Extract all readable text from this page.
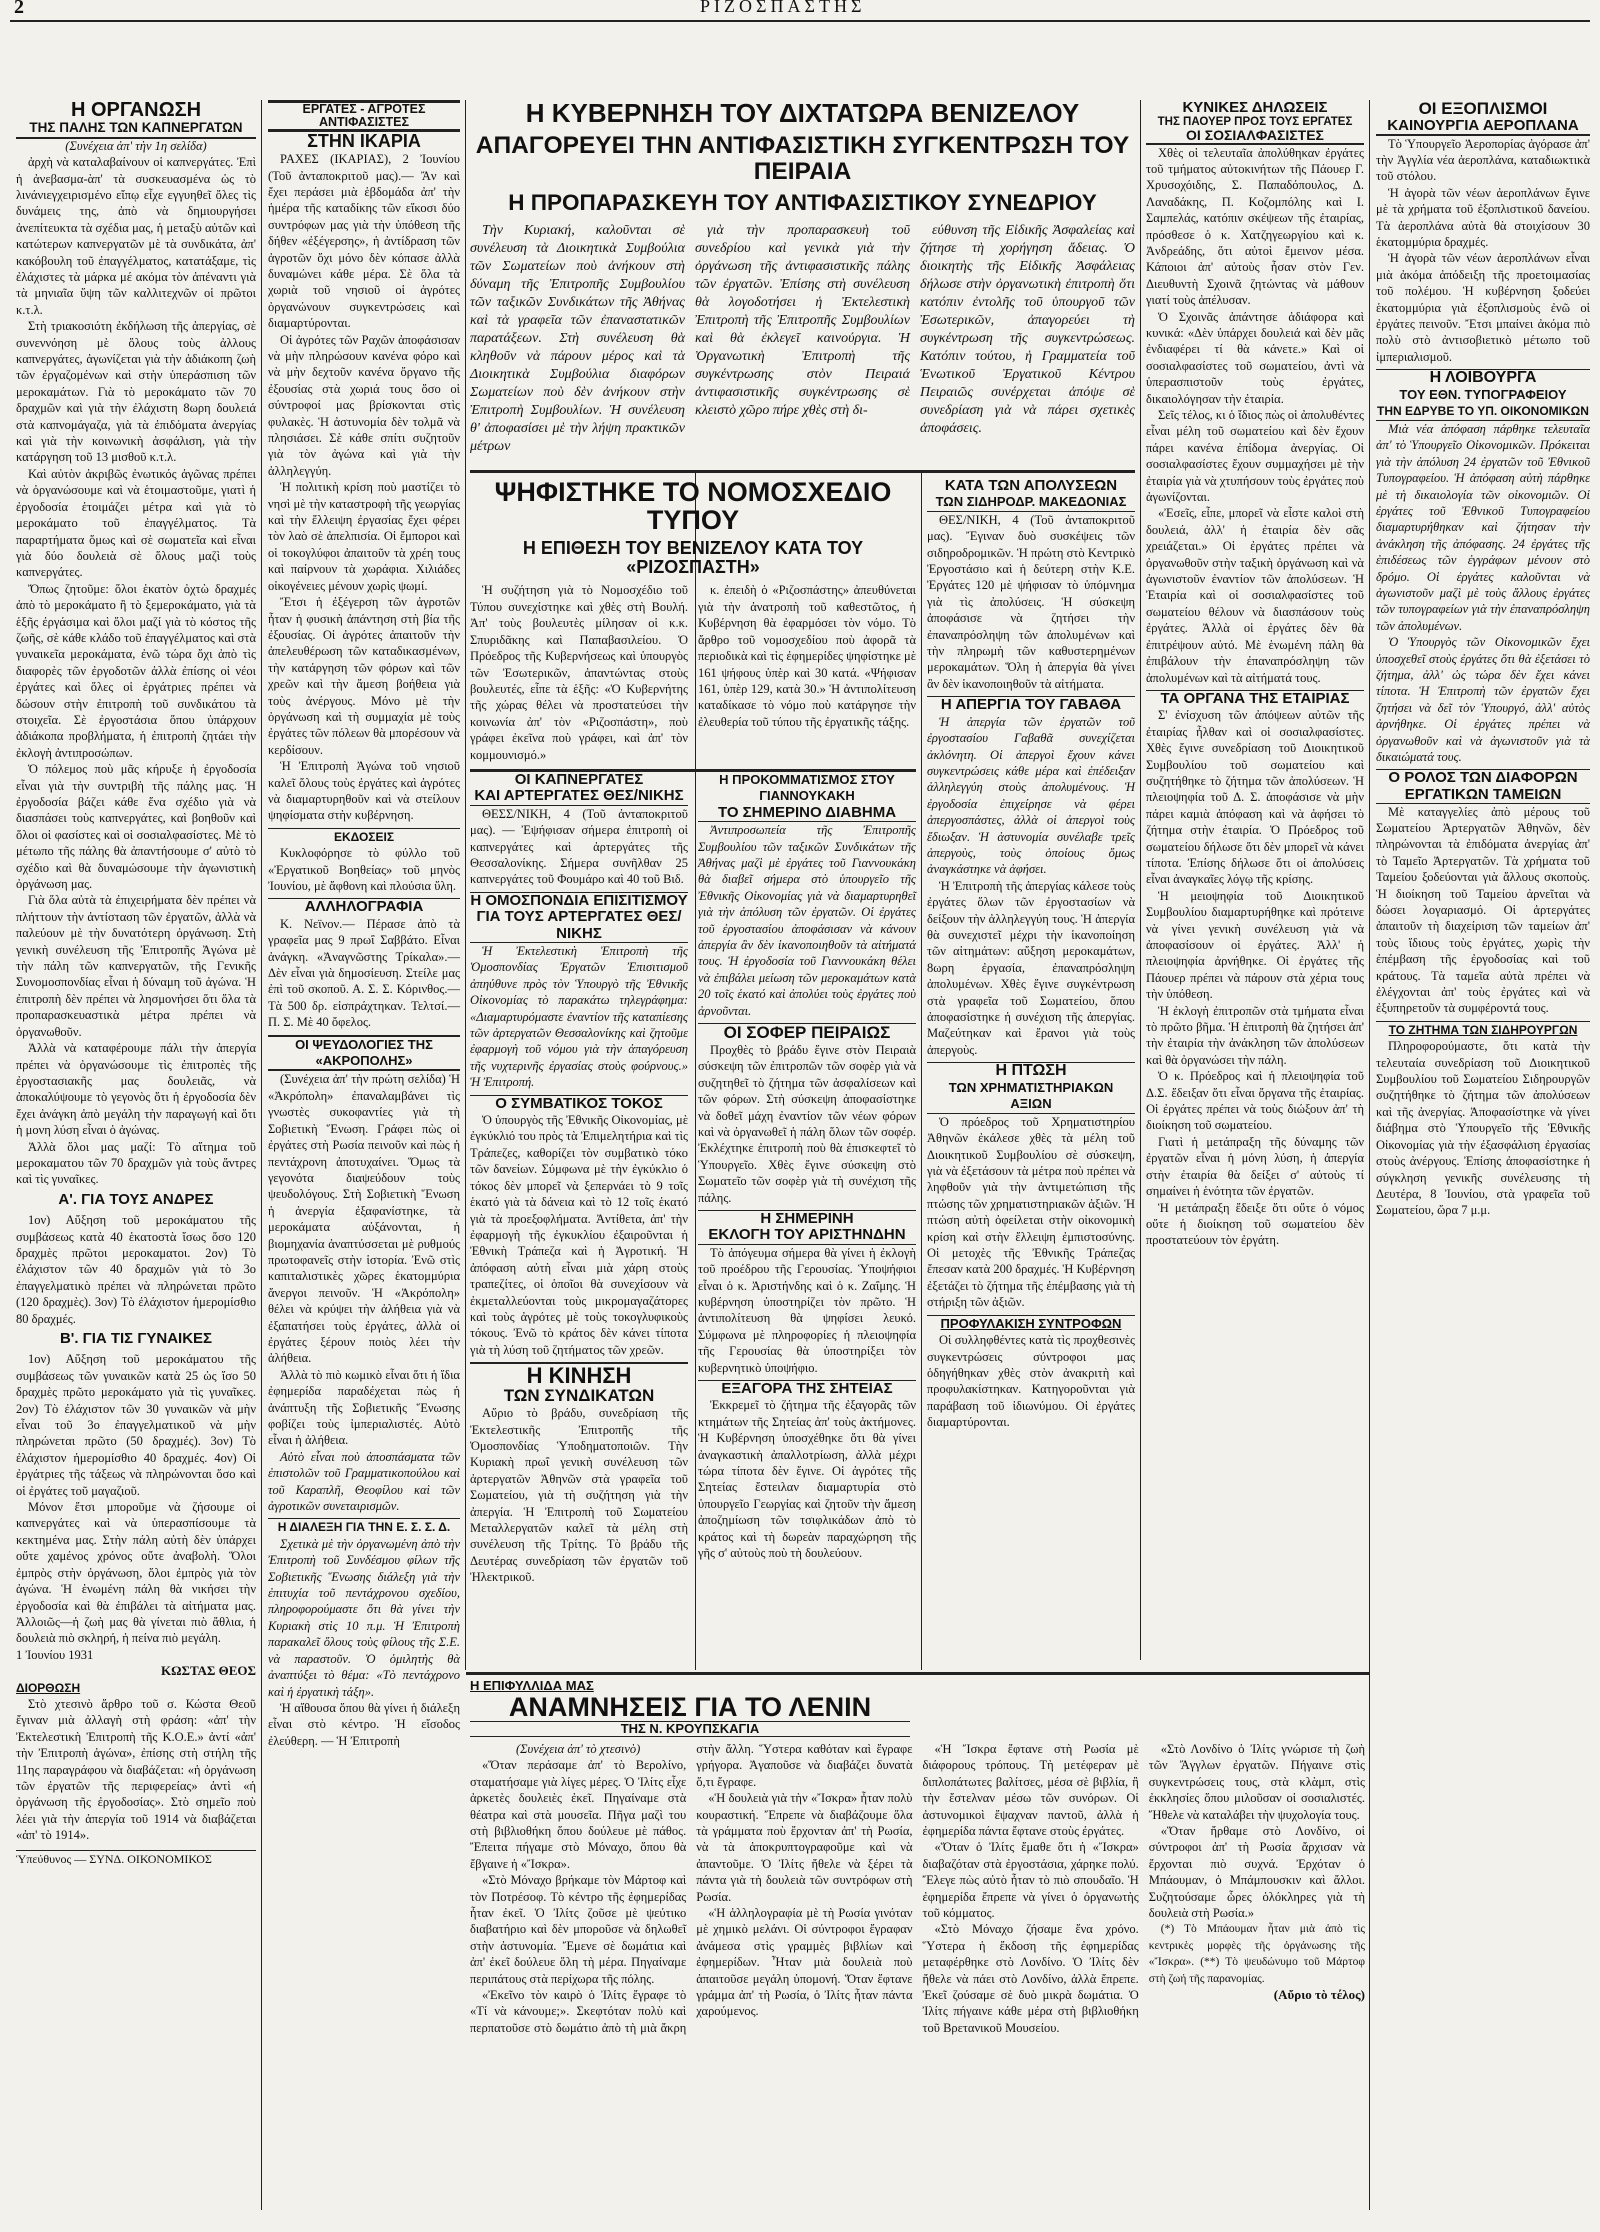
2	ΡΙΖΟΣΠΑΣΤΗΣ
Η ΟΡΓΑΝΩΣΗ
ΤΗΣ ΠΑΛΗΣ ΤΩΝ ΚΑΠΝΕΡΓΑΤΩΝ
(Συνέχεια ἀπ' τὴν 1η σελίδα)

ἀρχὴ νὰ καταλαβαίνουν οἱ καπνεργάτες. Ἐπὶ ἡ ἀνεβασμα-ὰπ' τὰ συσκευασμένα ὡς τὸ λινάνιεγχειρισμένο εἴπῳ εἶχε εγγυηθεῖ ὄλες τὶς δυνάμεις της, ἀπὸ νὰ δημιουργήσει ἀνεπίτευκτα τὰ σχέδια μας, ἡ μεταξὺ αὐτῶν καὶ κατώτερων καπνεργατῶν μὲ τὰ συνδικάτα, ἀπ' κακόβουλη τοῦ ἐπαγγέλματος, κατατάξαμε, τὶς ἐλάχιστες τὰ μάρκα μέ ακόμα τὸν ἀπέναντι γιὰ τὰ μηνιαῖα ὕψη τῶν καλλιτεχνῶν οἱ πρῶτοι κ.τ.λ.

Στὴ τριακοσιότη ἐκδήλωση τῆς ἀπεργίας, σὲ συνεννόηση μὲ ὅλους τοὺς ἀλλους καπνεργάτες, ἀγωνίζεται γιὰ τὴν ἀδιάκοπη ζωὴ τῶν ἐργαζομένων καὶ στὴν ὑπεράσπιση τῶν μεροκαμάτων. Γιὰ τὸ μεροκάματο τῶν 70 δραχμῶν καὶ γιὰ τὴν ἐλάχιστη 8ωρη δουλειά στὰ καπνομάγαζα, γιὰ τὰ ἐπιδόματα ἀνεργίας καὶ γιὰ τὴν κοινωνικὴ ἀσφάλιση, γιὰ τὴν κατάργηση τοῦ 13 μισθοῦ κ.τ.λ.

Καὶ αὐτὸν ἀκριβῶς ἐνωτικός ἀγῶνας πρέπει νὰ ὀργανώσουμε καὶ νὰ ἑτοιμαστοῦμε, γιατὶ ἡ ἐργοδοσία ἑτοιμάζει μέτρα καὶ γιὰ τὸ μεροκάματο τοῦ ἐπαγγέλματος. Τὰ παραρτήματα ὅμως καὶ σὲ σωματεῖα καὶ εἶναι γιὰ δύο δουλειὰ σὲ ὅλους μαζὶ τοὺς καπνεργάτες.

Ὄπως ζητοῦμε: ὅλοι ἑκατὸν ὀχτὼ δραχμές ἀπὸ τὸ μεροκάματο ἢ τὸ ξεμεροκάματο, γιὰ τὰ ἑξῆς ἐργάσιμα καὶ ὅλοι μαζί γιὰ τὸ κόστος τῆς ζωῆς, σὲ κάθε κλάδο τοῦ ἐπαγγέλματος καὶ στὰ γυναικεῖα μεροκάματα, ἐνῶ τώρα ὄχι ἀπὸ τὶς διαφορὲς τῶν ἐργοδοτῶν ἀλλὰ ἐπίσης οἱ νέοι ἐργάτες καὶ ὅλες οἱ ἐργάτριες πρέπει νὰ δώσουν στὴν ἐπιτροπὴ τοῦ συνδικάτου τὰ στοιχεῖα. Σὲ ἐργοστάσια ὅπου ὑπάρχουν ἀδιάκοπα προβλήματα, ἡ ἐπιτροπὴ ζητάει τὴν ἐκλογὴ ἀντιπροσώπων.

Ὁ πόλεμος ποὺ μᾶς κήρυξε ἡ ἐργοδοσία εἶναι γιὰ τὴν συντριβὴ τῆς πάλης μας. Ἡ ἐργοδοσία βάζει κάθε ἕνα σχέδιο γιὰ νὰ διασπάσει τοὺς καπνεργάτες, καὶ βοηθοῦν καὶ ὅλοι οἱ φασίστες καὶ οἱ σοσιαλφασίστες. Μὲ τὸ μέτωπο τῆς πάλης θὰ ἀπαντήσουμε σ' αὐτὸ τὸ σχέδιο καὶ θὰ δυναμώσουμε τὴν ἀγωνιστικὴ ὀργάνωση μας.

Γιὰ ὅλα αὐτὰ τὰ ἐπιχειρήματα δὲν πρέπει νὰ πλήττουν τὴν ἀντίσταση τῶν ἐργατῶν, ἀλλὰ νὰ παλεύουν μὲ τὴν δυνατότερη ὀργάνωση. Στὴ γενικὴ συνέλευση τῆς Ἐπιτροπῆς Ἀγώνα μὲ τὴν πάλη τῶν καπνεργατῶν, τῆς Γενικῆς Συνομοσπονδίας εἶναι ἡ δύναμη τοῦ ἀγώνα. Ἡ ἐπιτροπὴ δὲν πρέπει νὰ λησμονήσει ὅτι ὅλα τὰ προπαρασκευαστικὰ μέτρα πρέπει νὰ ὀργανωθοῦν.

Ἀλλὰ νὰ καταφέρουμε πάλι τὴν ἀπεργία πρέπει νὰ ὀργανώσουμε τὶς ἐπιτροπὲς τῆς ἐργοστασιακῆς μας δουλειᾶς, νὰ ἀποκαλύψουμε τὸ γεγονὸς ὅτι ἡ ἐργοδοσία δὲν ἔχει ἀνάγκη ἀπὸ μεγάλη τὴν παραγωγή καὶ ὅτι ἡ μονη λύση εἶναι ὁ ἀγώνας.

Ἀλλὰ ὅλοι μας μαζί: Τὸ αἴτημα τοῦ μεροκαματου τῶν 70 δραχμῶν γιὰ τοὺς ἄντρες καὶ τὶς γυναῖκες.

Α'. ΓΙΑ ΤΟΥΣ ΑΝΔΡΕΣ

1ον) Αὔξηση τοῦ μεροκάματου τῆς συμβάσεως κατὰ 40 ἑκατοστὰ ἴσως ὅσο 120 δραχμὲς πρῶτοι μεροκαματοι. 2ον) Τὸ ἐλάχιστον τῶν 40 δραχμῶν γιὰ τὸ 3ο ἐπαγγελματικὸ πρέπει νὰ πληρώνεται πρῶτο (120 δραχμὲς). 3ον) Τὸ ἐλάχιστον ἡμερομίσθιο 80 δραχμές.

Β'. ΓΙΑ ΤΙΣ ΓΥΝΑΙΚΕΣ

1ον) Αὔξηση τοῦ μεροκάματου τῆς συμβάσεως τῶν γυναικῶν κατὰ 25 ὡς ἴσο 50 δραχμὲς πρῶτο μεροκάματο γιὰ τὶς γυναῖκες. 2ον) Τὸ ἐλάχιστον τῶν 30 γυναικῶν νὰ μὴν εἶναι τοῦ 3ο ἐπαγγελματικοῦ νὰ μὴν πληρώνεται πρῶτο (50 δραχμές). 3ον) Τὸ ἐλάχιστον ἡμερομίσθιο 40 δραχμές. 4ον) Οἱ ἐργάτριες τῆς τάξεως νὰ πληρώνονται ὅσο καὶ οἱ ἐργάτες τοῦ μαγαζιοῦ.

Μόνον ἔτσι μποροῦμε νὰ ζήσουμε οἱ καπνεργάτες καὶ νὰ ὑπερασπίσουμε τὰ κεκτημένα μας. Στὴν πάλη αὐτὴ δὲν ὑπάρχει οὔτε χαμένος χρόνος οὔτε ἀναβολὴ. Ὅλοι ἐμπρὸς στὴν ὀργάνωση, ὅλοι ἐμπρὸς γιὰ τὸν ἀγώνα. Ἡ ἑνωμένη πάλη θὰ νικήσει τὴν ἐργοδοσία καὶ θὰ ἐπιβάλει τὰ αἰτήματα μας. Ἀλλοιῶς—ἡ ζωὴ μας θὰ γίνεται πιὸ ἄθλια, ἡ δουλειὰ πιὸ σκληρή, ἡ πείνα πιὸ μεγάλη.

1 Ἰουνίου 1931
ΚΩΣΤΑΣ ΘΕΟΣ
ΔΙΟΡΘΩΣΗ

Στὸ χτεσινὸ ἄρθρο τοῦ σ. Κώστα Θεοῦ ἔγιναν μιὰ ἀλλαγὴ στὴ φράση: «ἀπ' τὴν Ἐκτελεστικὴ Ἐπιτροπὴ τῆς Κ.Ο.Ε.» ἀντί «ἀπ' τὴν Ἐπιτροπὴ ἀγώνα», ἐπίσης στὴ στήλη τῆς 11ης παραγράφου νὰ διαβάζεται: «ἡ ὀργάνωση τῶν ἐργατῶν τῆς περιφερείας» ἀντὶ «ἡ ὀργάνωση τῆς ἐργοδοσίας». Στὸ σημεῖο ποὺ λέει γιὰ τὴν ἀπεργία τοῦ 1914 νὰ διαβάζεται «ἀπ' τὸ 1914».

Ὑπεύθυνος — ΣΥΝΔ. ΟΙΚΟΝΟΜΙΚΟΣ
ΕΡΓΑΤΕΣ - ΑΓΡΟΤΕΣ ΑΝΤΙΦΑΣΙΣΤΕΣ
ΣΤΗΝ ΙΚΑΡΙΑ

ΡΑΧΕΣ (ΙΚΑΡΙΑΣ), 2 Ἰουνίου (Τοῦ ἀνταποκριτοῦ μας).— Ἄν καὶ ἔχει περάσει μιὰ ἑβδομάδα ἀπ' τὴν ἡμέρα τῆς καταδίκης τῶν εἴκοσι δύο συντρόφων μας γιὰ τὴν ὑπόθεση τῆς δήθεν «ἐξέγερσης», ἡ ἀντίδραση τῶν ἀγροτῶν ὄχι μόνο δὲν κόπασε ἀλλὰ δυναμώνει κάθε μέρα. Σὲ ὅλα τὰ χωριὰ τοῦ νησιοῦ οἱ ἀγρότες ὀργανώνουν συγκεντρώσεις καὶ διαμαρτύρονται.

Οἱ ἀγρότες τῶν Ραχῶν ἀποφάσισαν νὰ μὴν πληρώσουν κανένα φόρο καὶ νὰ μὴν δεχτοῦν κανένα ὄργανο τῆς ἐξουσίας στὰ χωριά τους ὅσο οἱ σύντροφοί μας βρίσκονται στὶς φυλακὲς. Ἡ ἀστυνομία δὲν τολμᾶ νὰ πλησιάσει. Σὲ κάθε σπίτι συζητοῦν γιὰ τὸν ἀγώνα καὶ γιὰ τὴν ἀλληλεγγύη.

Ἡ πολιτικὴ κρίση ποὺ μαστίζει τὸ νησὶ μὲ τὴν καταστροφὴ τῆς γεωργίας καὶ τὴν ἔλλειψη ἐργασίας ἔχει φέρει τὸν λαὸ σὲ ἀπελπισία. Οἱ ἔμποροι καὶ οἱ τοκογλύφοι ἀπαιτοῦν τὰ χρέη τους καὶ παίρνουν τὰ χωράφια. Χιλιάδες οἰκογένειες μένουν χωρὶς ψωμί.

Ἔτσι ἡ ἐξέγερση τῶν ἀγροτῶν ἦταν ἡ φυσικὴ ἀπάντηση στὴ βία τῆς ἐξουσίας. Οἱ ἀγρότες ἀπαιτοῦν τὴν ἀπελευθέρωση τῶν καταδικασμένων, τὴν κατάργηση τῶν φόρων καὶ τῶν χρεῶν καὶ τὴν ἄμεση βοήθεια γιὰ τοὺς ἀνέργους. Μόνο μὲ τὴν ὀργάνωση καὶ τὴ συμμαχία μὲ τοὺς ἐργάτες τῶν πόλεων θὰ μπορέσουν νὰ κερδίσουν.

Ἡ Ἐπιτροπὴ Ἀγώνα τοῦ νησιοῦ καλεῖ ὅλους τοὺς ἐργάτες καὶ ἀγρότες νὰ διαμαρτυρηθοῦν καὶ νὰ στείλουν ψηφίσματα στὴν κυβέρνηση.

ΕΚΔΟΣΕΙΣ

Κυκλοφόρησε τὸ φύλλο τοῦ «Ἐργατικοῦ Βοηθείας» τοῦ μηνὸς Ἰουνίου, μὲ ἄφθονη καὶ πλούσια ὕλη.

ΑΛΛΗΛΟΓΡΑΦΙΑ

Κ. Νεϊνον.— Πέρασε ἀπὸ τὰ γραφεῖα μας 9 πρωΐ Σαββάτο. Εἶναι ἀνάγκη. «Ἀναγνῶστης Τρίκαλα».— Δὲν εἶναι γιὰ δημοσίευση. Στείλε μας ἐπὶ τοῦ σκοποῦ. Α. Σ. Σ. Κόρινθος.— Τὰ 500 δρ. εἰσπράχτηκαν. Τελτσί.— Π. Σ. Μὲ 40 ὄφελος.

ΟΙ ΨΕΥΔΟΛΟΓΙΕΣ ΤΗΣ «ΑΚΡΟΠΟΛΗΣ»

(Συνέχεια ἀπ' τὴν πρώτη σελίδα) Ἡ «Ἀκρόπολη» ἐπαναλαμβάνει τὶς γνωστὲς συκοφαντίες γιὰ τὴ Σοβιετικὴ Ἕνωση. Γράφει πὼς οἱ ἐργάτες στὴ Ρωσία πεινοῦν καὶ πὼς ἡ πεντάχρονη ἀποτυχαίνει. Ὅμως τὰ γεγονότα διαψεύδουν τοὺς ψευδολόγους. Στὴ Σοβιετικὴ Ἕνωση ἡ ἀνεργία ἐξαφανίστηκε, τὰ μεροκάματα αὐξάνονται, ἡ βιομηχανία ἀναπτύσσεται μὲ ρυθμούς πρωτοφανεῖς στὴν ἱστορία. Ἐνῶ στὶς καπιταλιστικὲς χῶρες ἑκατομμύρια ἄνεργοι πεινοῦν. Ἡ «Ἀκρόπολη» θέλει νὰ κρύψει τὴν ἀλήθεια γιὰ νὰ ἐξαπατήσει τοὺς ἐργάτες, ἀλλὰ οἱ ἐργάτες ξέρουν ποιὸς λέει τὴν ἀλήθεια.

Ἀλλὰ τὸ πιὸ κωμικὸ εἶναι ὅτι ἡ ἴδια ἐφημερίδα παραδέχεται πὼς ἡ ἀνάπτυξη τῆς Σοβιετικῆς Ἕνωσης φοβίζει τοὺς ἰμπεριαλιστές. Αὐτὸ εἶναι ἡ ἀλήθεια.

Αὐτὸ εἶναι ποὺ ἀποσπάσματα τῶν ἐπιστολῶν τοῦ Γραμματικοπούλου καὶ τοῦ Καραπλῆ, Θεοφίλου καὶ τῶν ἀγροτικῶν συνεταιρισμῶν.

Η ΔΙΑΛΕΞΗ ΓΙΑ ΤΗΝ Ε. Σ. Σ. Δ.

Σχετικὰ μὲ τὴν ὀργανωμένη ἀπὸ τὴν Ἐπιτροπὴ τοῦ Συνδέσμου φίλων τῆς Σοβιετικῆς Ἕνωσης διάλεξη γιὰ τὴν ἐπιτυχία τοῦ πεντάχρονου σχεδίου, πληροφορούμαστε ὅτι θὰ γίνει τὴν Κυριακὴ στὶς 10 π.μ. Ἡ Ἐπιτροπὴ παρακαλεῖ ὅλους τοὺς φίλους τῆς Σ.Ε. νὰ παραστοῦν. Ὁ ὁμιλητὴς θὰ ἀναπτύξει τὸ θέμα: «Τὸ πεντάχρονο καὶ ἡ ἐργατικὴ τάξη».

Ἡ αἴθουσα ὅπου θὰ γίνει ἡ διάλεξη εἶναι στὸ κέντρο. Ἡ εἴσοδος ἐλεύθερη. — Ἡ Ἐπιτροπὴ

Η ΚΥΒΕΡΝΗΣΗ ΤΟΥ ΔΙΧΤΑΤΩΡΑ ΒΕΝΙΖΕΛΟΥ
ΑΠΑΓΟΡΕΥΕΙ ΤΗΝ ΑΝΤΙΦΑΣΙΣΤΙΚΗ ΣΥΓΚΕΝΤΡΩΣΗ ΤΟΥ ΠΕΙΡΑΙΑ
Η ΠΡΟΠΑΡΑΣΚΕΥΗ ΤΟΥ ΑΝΤΙΦΑΣΙΣΤΙΚΟΥ ΣΥΝΕΔΡΙΟΥ

Τὴν Κυριακή, καλοῦνται σὲ συνέλευση τὰ Διοικητικὰ Συμβούλια τῶν Σωματείων ποὺ ἀνήκουν στὴ δύναμη τῆς Ἐπιτροπῆς Συμβουλίου τῶν ταξικῶν Συνδικάτων τῆς Ἀθήνας καὶ τὰ γραφεῖα τῶν ἐπαναστατικῶν παρατάξεων. Στὴ συνέλευση θὰ κληθοῦν νὰ πάρουν μέρος καὶ τὰ Διοικητικὰ Συμβούλια διαφόρων Σωματείων ποὺ δὲν ἀνήκουν στὴν Ἐπιτροπὴ Συμβουλίων. Ἡ συνέλευση θ' ἀποφασίσει μὲ τὴν λήψη πρακτικῶν μέτρων

γιὰ τὴν προπαρασκευὴ τοῦ συνεδρίου καὶ γενικὰ γιὰ τὴν ὀργάνωση τῆς ἀντιφασιστικῆς πάλης τῶν ἐργατῶν. Ἐπίσης στὴ συνέλευση θὰ λογοδοτήσει ἡ Ἐκτελεστικὴ Ἐπιτροπὴ τῆς Ἐπιτροπῆς Συμβουλίων καὶ θὰ ἐκλεγεῖ καινούργια. Ἡ Ὀργανωτικὴ Ἐπιτροπὴ τῆς συγκέντρωσης στὸν Πειραιά ἀντιφασιστικῆς συγκέντρωσης σὲ κλειστὸ χῶρο πήρε χθὲς στὴ δι-

εύθυνση τῆς Εἰδικῆς Ἀσφαλείας καὶ ζήτησε τὴ χορήγηση ἄδειας. Ὁ διοικητὴς τῆς Εἰδικῆς Ἀσφάλειας δήλωσε στὴν ὀργανωτικὴ ἐπιτροπὴ ὅτι κατόπιν ἐντολῆς τοῦ ὑπουργοῦ τῶν Ἐσωτερικῶν, ἀπαγορεύει τὴ συγκέντρωση τῆς συγκεντρώσεως. Κατόπιν τούτου, ἡ Γραμματεία τοῦ Ἑνωτικοῦ Ἐργατικοῦ Κέντρου Πειραιῶς συνέρχεται ἀπόψε σὲ συνεδρίαση γιὰ νὰ πάρει σχετικὲς ἀποφάσεις.

ΨΗΦΙΣΤΗΚΕ ΤΟ ΝΟΜΟΣΧΕΔΙΟ ΤΥΠΟΥ
Η ΕΠΙΘΕΣΗ ΤΟΥ ΒΕΝΙΖΕΛΟΥ ΚΑΤΑ ΤΟΥ «ΡΙΖΟΣΠΑΣΤΗ»

Ἡ συζήτηση γιὰ τὸ Νομοσχέδιο τοῦ Τύπου συνεχίστηκε καὶ χθὲς στὴ Βουλή. Ἀπ' τοὺς βουλευτὲς μίλησαν οἱ κ.κ. Σπυριδᾶκης καὶ Παπαβασιλείου. Ὁ Πρόεδρος τῆς Κυβερνήσεως καὶ ὑπουργὸς τῶν Ἐσωτερικῶν, ἀπαντώντας στοὺς βουλευτές, εἶπε τὰ ἑξῆς: «Ὁ Κυβερνήτης τῆς χώρας θέλει νὰ προστατεύσει τὴν κοινωνία ἀπ' τὸν «Ριζοσπάστη», ποὺ γράφει ἐκεῖνα ποὺ γράφει, καὶ ἀπ' τὸν κομμουνισμό.»

κ. ἐπειδὴ ὁ «Ριζοσπάστης» ἀπευθύνεται γιὰ τὴν ἀνατροπὴ τοῦ καθεστῶτος, ἡ Κυβέρνηση θὰ ἐφαρμόσει τὸν νόμο. Τὸ ἄρθρο τοῦ νομοσχεδίου ποὺ ἀφορᾶ τὰ περιοδικὰ καὶ τὶς ἐφημερίδες ψηφίστηκε μὲ 161 ψήφους ὑπὲρ καὶ 30 κατά. «Ψήφισαν 161, ὑπὲρ 129, κατὰ 30.» Ἡ ἀντιπολίτευση καταδίκασε τὸ νόμο ποὺ κατάργησε τὴν ἐλευθερία τοῦ τύπου τῆς ἐργατικῆς τάξης.

ΟΙ ΚΑΠΝΕΡΓΑΤΕΣ
ΚΑΙ ΑΡΤΕΡΓΑΤΕΣ ΘΕΣ/ΝΙΚΗΣ

ΘΕΣΣ/ΝΙΚΗ, 4 (Τοῦ ἀνταποκριτοῦ μας). — Ἐψήφισαν σήμερα ἐπιτροπὴ οἱ καπνεργάτες καὶ ἀρτεργάτες τῆς Θεσσαλονίκης. Σήμερα συνῆλθαν 25 καπνεργάτες τοῦ Φουμάρο καὶ 40 τοῦ Βιδ.

Η ΟΜΟΣΠΟΝΔΙΑ ΕΠΙΣΙΤΙΣΜΟΥ
ΓΙΑ ΤΟΥΣ ΑΡΤΕΡΓΑΤΕΣ ΘΕΣ/ΝΙΚΗΣ

Ἡ Ἐκτελεστικὴ Ἐπιτροπὴ τῆς Ὁμοσπονδίας Ἐργατῶν Ἐπισιτισμοῦ ἀπηύθυνε πρὸς τὸν Ὑπουργὸ τῆς Ἐθνικῆς Οἰκονομίας τὸ παρακάτω τηλεγράφημα: «Διαμαρτυρόμαστε ἐναντίον τῆς καταπίεσης τῶν ἀρτεργατῶν Θεσσαλονίκης καὶ ζητοῦμε ἐφαρμογὴ τοῦ νόμου γιὰ τὴν ἀπαγόρευση τῆς νυχτερινῆς ἐργασίας στοὺς φούρνους.» Ἡ Ἐπιτροπή.

Ο ΣΥΜΒΑΤΙΚΟΣ ΤΟΚΟΣ

Ὁ ὑπουργὸς τῆς Ἐθνικῆς Οἰκονομίας, μὲ ἐγκύκλιό του πρὸς τὰ Ἐπιμελητήρια καὶ τὶς Τράπεζες, καθορίζει τὸν συμβατικὸ τόκο τῶν δανείων. Σύμφωνα μὲ τὴν ἐγκύκλιο ὁ τόκος δὲν μπορεῖ νὰ ξεπερνάει τὸ 9 τοῖς ἑκατό γιὰ τὰ δάνεια καὶ τὸ 12 τοῖς ἑκατό γιὰ τὰ προεξοφλήματα. Ἀντίθετα, ἀπ' τὴν ἐφαρμογὴ τῆς ἐγκυκλίου ἐξαιροῦνται ἡ Ἐθνικὴ Τράπεζα καὶ ἡ Ἀγροτική. Ἡ ἀπόφαση αὐτὴ εἶναι μιὰ χάρη στοὺς τραπεζίτες, οἱ ὁποῖοι θὰ συνεχίσουν νὰ ἐκμεταλλεύονται τοὺς μικρομαγαζάτορες καὶ τοὺς ἀγρότες μὲ τοὺς τοκογλυφικοὺς τόκους. Ἐνῶ τὸ κράτος δὲν κάνει τίποτα γιὰ τὴ λύση τοῦ ζητήματος τῶν χρεῶν.

Η ΚΙΝΗΣΗ
ΤΩΝ ΣΥΝΔΙΚΑΤΩΝ

Αὔριο τὸ βράδυ, συνεδρίαση τῆς Ἐκτελεστικῆς Ἐπιτροπῆς τῆς Ὁμοσπονδίας Ὑποδηματοποιῶν. Τὴν Κυριακὴ πρωΐ γενικὴ συνέλευση τῶν ἀρτεργατῶν Ἀθηνῶν στὰ γραφεῖα τοῦ Σωματείου, γιὰ τὴ συζήτηση γιὰ τὴν ἀπεργία. Ἡ Ἐπιτροπὴ τοῦ Σωματείου Μεταλλεργατῶν καλεῖ τὰ μέλη στὴ συνέλευση τῆς Τρίτης. Τὸ βράδυ τῆς Δευτέρας συνεδρίαση τῶν ἐργατῶν τοῦ Ἠλεκτρικοῦ.

Η ΠΡΟΚΟΜΜΑΤΙΣΜΟΣ ΣΤΟΥ ΓΙΑΝΝΟΥΚΑΚΗ
ΤΟ ΣΗΜΕΡΙΝΟ ΔΙΑΒΗΜΑ

Ἀντιπροσωπεία τῆς Ἐπιτροπῆς Συμβουλίου τῶν ταξικῶν Συνδικάτων τῆς Ἀθήνας μαζὶ μὲ ἐργάτες τοῦ Γιαννουκάκη θὰ διαβεῖ σήμερα στὸ ὑπουργεῖο τῆς Ἐθνικῆς Οἰκονομίας γιὰ νὰ διαμαρτυρηθεῖ γιὰ τὴν ἀπόλυση τῶν ἐργατῶν. Οἱ ἐργάτες τοῦ ἐργοστασίου ἀποφάσισαν νὰ κάνουν ἀπεργία ἂν δὲν ἱκανοποιηθοῦν τὰ αἰτήματά τους. Ἡ ἐργοδοσία τοῦ Γιαννουκάκη θέλει νὰ ἐπιβάλει μείωση τῶν μεροκαμάτων κατὰ 20 τοῖς ἑκατό καὶ ἀπολύει τοὺς ἐργάτες ποὺ ἀρνοῦνται.

ΟΙ ΣΟΦΕΡ ΠΕΙΡΑΙΩΣ

Προχθὲς τὸ βράδυ ἔγινε στὸν Πειραιὰ σύσκεψη τῶν ἐπιτροπῶν τῶν σοφὲρ γιὰ νὰ συζητηθεῖ τὸ ζήτημα τῶν ἀσφαλίσεων καὶ τῶν φόρων. Στὴ σύσκεψη ἀποφασίστηκε νὰ δοθεῖ μάχη ἐναντίον τῶν νέων φόρων καὶ νὰ ὀργανωθεῖ ἡ πάλη ὅλων τῶν σοφέρ. Ἐκλέχτηκε ἐπιτροπὴ ποὺ θὰ ἐπισκεφτεῖ τὸ Ὑπουργεῖο. Χθὲς ἔγινε σύσκεψη στὸ Σωματεῖο τῶν σοφὲρ γιὰ τὴ συνέχιση τῆς πάλης.

Η ΣΗΜΕΡΙΝΗ
ΕΚΛΟΓΗ ΤΟΥ ΑΡΙΣΤΗΝΔΗΝ

Τὸ ἀπόγευμα σήμερα θὰ γίνει ἡ ἐκλογὴ τοῦ προέδρου τῆς Γερουσίας. Ὑποψήφιοι εἶναι ὁ κ. Ἀριστήνδης καὶ ὁ κ. Ζαΐμης. Ἡ κυβέρνηση ὑποστηρίζει τὸν πρῶτο. Ἡ ἀντιπολίτευση θὰ ψηφίσει λευκό. Σύμφωνα μὲ πληροφορίες ἡ πλειοψηφία τῆς Γερουσίας θὰ ὑποστηρίξει τὸν κυβερνητικὸ ὑποψήφιο.

ΕΞΑΓΟΡΑ ΤΗΣ ΣΗΤΕΙΑΣ

Ἐκκρεμεῖ τὸ ζήτημα τῆς ἐξαγορᾶς τῶν κτημάτων τῆς Σητείας ἀπ' τοὺς ἀκτήμονες. Ἡ Κυβέρνηση ὑποσχέθηκε ὅτι θὰ γίνει ἀναγκαστικὴ ἀπαλλοτρίωση, ἀλλὰ μέχρι τώρα τίποτα δὲν ἔγινε. Οἱ ἀγρότες τῆς Σητείας ἔστειλαν διαμαρτυρία στὸ ὑπουργεῖο Γεωργίας καὶ ζητοῦν τὴν ἄμεση ἀποζημίωση τῶν τσιφλικάδων ἀπὸ τὸ κράτος καὶ τὴ δωρεὰν παραχώρηση τῆς γῆς σ' αὐτοὺς ποὺ τὴ δουλεύουν.

ΚΑΤΑ ΤΩΝ ΑΠΟΛΥΣΕΩΝ
ΤΩΝ ΣΙΔΗΡΟΔΡ. ΜΑΚΕΔΟΝΙΑΣ

ΘΕΣ/ΝΙΚΗ, 4 (Τοῦ ἀνταποκριτοῦ μας). Ἔγιναν δυὸ συσκέψεις τῶν σιδηροδρομικῶν. Ἡ πρώτη στὸ Κεντρικὸ Ἐργοστάσιο καὶ ἡ δεύτερη στὴν Κ.Ε. Ἐργάτες 120 μὲ ψήφισαν τὸ ὑπόμνημα γιὰ τὶς ἀπολύσεις. Ἡ σύσκεψη ἀποφάσισε νὰ ζητήσει τὴν ἐπαναπρόσληψη τῶν ἀπολυμένων καὶ τὴν πληρωμὴ τῶν καθυστερημένων μεροκαμάτων. Ὅλη ἡ ἀπεργία θὰ γίνει ἂν δὲν ἱκανοποιηθοῦν τὰ αἰτήματα.

Η ΑΠΕΡΓΙΑ ΤΟΥ ΓΑΒΑΘΑ

Ἡ ἀπεργία τῶν ἐργατῶν τοῦ ἐργοστασίου Γαβαθᾶ συνεχίζεται ἀκλόνητη. Οἱ ἀπεργοὶ ἔχουν κάνει συγκεντρώσεις κάθε μέρα καὶ ἐπέδειξαν ἀλληλεγγύη στοὺς ἀπολυμένους. Ἡ ἐργοδοσία ἐπιχείρησε νὰ φέρει ἀπεργοσπάστες, ἀλλὰ οἱ ἀπεργοὶ τοὺς ἔδιωξαν. Ἡ ἀστυνομία συνέλαβε τρεῖς ἀπεργοὺς, τοὺς ὁποίους ὅμως ἀναγκάστηκε νὰ ἀφήσει.

Ἡ Ἐπιτροπὴ τῆς ἀπεργίας κάλεσε τοὺς ἐργάτες ὅλων τῶν ἐργοστασίων νὰ δείξουν τὴν ἀλληλεγγύη τους. Ἡ ἀπεργία θὰ συνεχιστεῖ μέχρι τὴν ἱκανοποίηση τῶν αἰτημάτων: αὔξηση μεροκαμάτων, 8ωρη ἐργασία, ἐπαναπρόσληψη ἀπολυμένων. Χθὲς ἔγινε συγκέντρωση στὰ γραφεῖα τοῦ Σωματείου, ὅπου ἀποφασίστηκε ἡ συνέχιση τῆς ἀπεργίας. Μαζεύτηκαν καὶ ἔρανοι γιὰ τοὺς ἀπεργοὺς.

Η ΠΤΩΣΗ
ΤΩΝ ΧΡΗΜΑΤΙΣΤΗΡΙΑΚΩΝ ΑΞΙΩΝ

Ὁ πρόεδρος τοῦ Χρηματιστηρίου Ἀθηνῶν ἐκάλεσε χθὲς τὰ μέλη τοῦ Διοικητικοῦ Συμβουλίου σὲ σύσκεψη, γιὰ νὰ ἐξετάσουν τὰ μέτρα ποὺ πρέπει νὰ ληφθοῦν γιὰ τὴν ἀντιμετώπιση τῆς πτώσης τῶν χρηματιστηριακῶν ἀξιῶν. Ἡ πτώση αὐτὴ ὀφείλεται στὴν οἰκονομικὴ κρίση καὶ στὴν ἔλλειψη ἐμπιστοσύνης. Οἱ μετοχὲς τῆς Ἐθνικῆς Τράπεζας ἔπεσαν κατὰ 200 δραχμές. Ἡ Κυβέρνηση ἐξετάζει τὸ ζήτημα τῆς ἐπέμβασης γιὰ τὴ στήριξη τῶν ἀξιῶν.

ΠΡΟΦΥΛΑΚΙΣΗ ΣΥΝΤΡΟΦΩΝ

Οἱ συλληφθέντες κατὰ τὶς προχθεσινὲς συγκεντρώσεις σύντροφοι μας ὁδηγήθηκαν χθὲς στὸν ἀνακριτὴ καὶ προφυλακίστηκαν. Κατηγοροῦνται γιὰ παράβαση τοῦ ἰδιωνύμου. Οἱ ἐργάτες διαμαρτύρονται.

ΚΥΝΙΚΕΣ ΔΗΛΩΣΕΙΣ
ΤΗΣ ΠΑΟΥΕΡ ΠΡΟΣ ΤΟΥΣ ΕΡΓΑΤΕΣ
ΟΙ ΣΟΣΙΑΛΦΑΣΙΣΤΕΣ

Χθὲς οἱ τελευταῖα ἀπολύθηκαν ἐργάτες τοῦ τμήματος αὐτοκινήτων τῆς Πάουερ Γ. Χρυσοχόιδης, Σ. Παπαδόπουλος, Δ. Λαναδάκης, Π. Κοζομπόλης καὶ Ι. Σαμπελάς, κατόπιν σκέψεων τῆς ἐταιρίας, πρόσθεσε ὁ κ. Χατζηγεωργίου καὶ κ. Ἀνδρεάδης, ὅτι αὐτοὶ ἔμεινον μέσα. Κάποιοι ἀπ' αὐτοὺς ἦσαν στὸν Γεν. Διευθυντὴ Σχοινᾶ ζητώντας νὰ μάθουν γιατί τοὺς ἀπέλυσαν.

Ὁ Σχοινᾶς ἀπάντησε ἀδιάφορα καὶ κυνικά: «Δὲν ὑπάρχει δουλειά καὶ δὲν μᾶς ἐνδιαφέρει τί θὰ κάνετε.» Καὶ οἱ σοσιαλφασίστες τοῦ σωματείου, ἀντὶ νὰ ὑπερασπιστοῦν τοὺς ἐργάτες, δικαιολόγησαν τὴν ἐταιρία.

Σεῖς τέλος, κι ὁ ἴδιος πὼς οἱ ἀπολυθέντες εἶναι μέλη τοῦ σωματείου καὶ δὲν ἔχουν πάρει κανένα ἐπίδομα ἀνεργίας. Οἱ σοσιαλφασίστες ἔχουν συμμαχήσει μὲ τὴν ἐταιρία γιὰ νὰ χτυπήσουν τοὺς ἐργάτες ποὺ ἀγωνίζονται.

«Ἐσεῖς, εἶπε, μπορεῖ νὰ εἶστε καλοὶ στὴ δουλειά, ἀλλ' ἡ ἐταιρία δὲν σᾶς χρειάζεται.» Οἱ ἐργάτες πρέπει νὰ ὀργανωθοῦν στὴν ταξικὴ ὀργάνωση καὶ νὰ ἀγωνιστοῦν ἐναντίον τῶν ἀπολύσεων. Ἡ Ἐταιρία καὶ οἱ σοσιαλφασίστες τοῦ σωματείου θέλουν νὰ διασπάσουν τοὺς ἐργάτες. Ἀλλὰ οἱ ἐργάτες δὲν θὰ ἐπιτρέψουν αὐτό. Μὲ ἑνωμένη πάλη θὰ ἐπιβάλουν τὴν ἐπαναπρόσληψη τῶν ἀπολυμένων καὶ τὰ αἰτήματά τους.

ΤΑ ΟΡΓΑΝΑ ΤΗΣ ΕΤΑΙΡΙΑΣ

Σ' ἐνίσχυση τῶν ἀπόψεων αὐτῶν τῆς ἐταιρίας ἦλθαν καὶ οἱ σοσιαλφασίστες. Χθὲς ἔγινε συνεδρίαση τοῦ Διοικητικοῦ Συμβουλίου τοῦ σωματείου καὶ συζητήθηκε τὸ ζήτημα τῶν ἀπολύσεων. Ἡ πλειοψηφία τοῦ Δ. Σ. ἀποφάσισε νὰ μὴν πάρει καμιὰ ἀπόφαση καὶ νὰ ἀφήσει τὸ ζήτημα στὴν ἐταιρία. Ὁ Πρόεδρος τοῦ σωματείου δήλωσε ὅτι δὲν μπορεῖ νὰ κάνει τίποτα. Ἐπίσης δήλωσε ὅτι οἱ ἀπολύσεις εἶναι ἀναγκαῖες λόγῳ τῆς κρίσης.

Ἡ μειοψηφία τοῦ Διοικητικοῦ Συμβουλίου διαμαρτυρήθηκε καὶ πρότεινε νὰ γίνει γενικὴ συνέλευση γιὰ νὰ ἀποφασίσουν οἱ ἐργάτες. Ἀλλ' ἡ πλειοψηφία ἀρνήθηκε. Οἱ ἐργάτες τῆς Πάουερ πρέπει νὰ πάρουν στὰ χέρια τους τὴν ὑπόθεση.

Ἡ ἐκλογὴ ἐπιτροπῶν στὰ τμήματα εἶναι τὸ πρῶτο βῆμα. Ἡ ἐπιτροπὴ θὰ ζητήσει ἀπ' τὴν ἐταιρία τὴν ἀνάκληση τῶν ἀπολύσεων καὶ θὰ ὀργανώσει τὴν πάλη.

Ὁ κ. Πρόεδρος καὶ ἡ πλειοψηφία τοῦ Δ.Σ. ἔδειξαν ὅτι εἶναι ὄργανα τῆς ἐταιρίας. Οἱ ἐργάτες πρέπει νὰ τοὺς διώξουν ἀπ' τὴ διοίκηση τοῦ σωματείου.

Γιατὶ ἡ μετάπραξη τῆς δύναμης τῶν ἐργατῶν εἶναι ἡ μόνη λύση, ἡ ἀπεργία στὴν ἐταιρία θὰ δείξει σ' αὐτοὺς τί σημαίνει ἡ ἑνότητα τῶν ἐργατῶν.

Ἡ μετάπραξη ἔδειξε ὅτι οὔτε ὁ νόμος οὔτε ἡ διοίκηση τοῦ σωματείου δὲν προστατεύουν τὸν ἐργάτη.

ΟΙ ΕΞΟΠΛΙΣΜΟΙ
ΚΑΙΝΟΥΡΓΙΑ ΑΕΡΟΠΛΑΝΑ

Τὸ Ὑπουργεῖο Ἀεροπορίας ἀγόρασε ἀπ' τὴν Ἀγγλία νέα ἀεροπλάνα, καταδιωκτικὰ τοῦ στόλου.

Ἡ ἀγορὰ τῶν νέων ἀεροπλάνων ἔγινε μὲ τὰ χρήματα τοῦ ἐξοπλιστικοῦ δανείου. Τὰ ἀεροπλάνα αὐτὰ θὰ στοιχίσουν 30 ἑκατομμύρια δραχμές.

Ἡ ἀγορὰ τῶν νέων ἀεροπλάνων εἶναι μιὰ ἀκόμα ἀπόδειξη τῆς προετοιμασίας τοῦ πολέμου. Ἡ κυβέρνηση ξοδεύει ἑκατομμύρια γιὰ ἐξοπλισμοὺς ἐνῶ οἱ ἐργάτες πεινοῦν. Ἔτσι μπαίνει ἀκόμα πιὸ πολὺ στὸ ἀντισοβιετικὸ μέτωπο τοῦ ἰμπεριαλισμοῦ.

Η ΛΟΙΒΟΥΡΓΑ
ΤΟΥ ΕΘΝ. ΤΥΠΟΓΡΑΦΕΙΟΥ
ΤΗΝ ΕΔΡΥΒΕ ΤΟ ΥΠ. ΟΙΚΟΝΟΜΙΚΩΝ

Μιὰ νέα ἀπόφαση πάρθηκε τελευταῖα ἀπ' τὸ Ὑπουργεῖο Οἰκονομικῶν. Πρόκειται γιὰ τὴν ἀπόλυση 24 ἐργατῶν τοῦ Ἐθνικοῦ Τυπογραφείου. Ἡ ἀπόφαση αὐτὴ πάρθηκε μὲ τὴ δικαιολογία τῶν οἰκονομιῶν. Οἱ ἐργάτες τοῦ Ἐθνικοῦ Τυπογραφείου διαμαρτυρήθηκαν καὶ ζήτησαν τὴν ἀνάκληση τῆς ἀπόφασης. 24 ἐργάτες τῆς ἐπιδέσεως τῶν ἐγγράφων μένουν στὸ δρόμο. Οἱ ἐργάτες καλοῦνται νὰ ἀγωνιστοῦν μαζὶ μὲ τοὺς ἄλλους ἐργάτες τῶν τυπογραφείων γιὰ τὴν ἐπαναπρόσληψη τῶν ἀπολυμένων.

Ὁ Ὑπουργὸς τῶν Οἰκονομικῶν ἔχει ὑποσχεθεῖ στοὺς ἐργάτες ὅτι θὰ ἐξετάσει τὸ ζήτημα, ἀλλ' ὡς τώρα δὲν ἔχει κάνει τίποτα. Ἡ Ἐπιτροπὴ τῶν ἐργατῶν ἔχει ζητήσει νὰ δεῖ τὸν Ὑπουργό, ἀλλ' αὐτὸς ἀρνήθηκε. Οἱ ἐργάτες πρέπει νὰ ὀργανωθοῦν καὶ νὰ ἀγωνιστοῦν γιὰ τὰ δικαιώματά τους.

Ο ΡΟΛΟΣ ΤΩΝ ΔΙΑΦΟΡΩΝ
ΕΡΓΑΤΙΚΩΝ ΤΑΜΕΙΩΝ

Μὲ καταγγελίες ἀπὸ μέρους τοῦ Σωματείου Ἀρτεργατῶν Ἀθηνῶν, δὲν πληρώνονται τὰ ἐπιδόματα ἀνεργίας ἀπ' τὸ Ταμεῖο Ἀρτεργατῶν. Τὰ χρήματα τοῦ Ταμείου ξοδεύονται γιὰ ἄλλους σκοποὺς. Ἡ διοίκηση τοῦ Ταμείου ἀρνεῖται νὰ δώσει λογαριασμό. Οἱ ἀρτεργάτες ἀπαιτοῦν τὴ διαχείριση τῶν ταμείων ἀπ' τοὺς ἴδιους τοὺς ἐργάτες, χωρὶς τὴν ἐπέμβαση τῆς ἐργοδοσίας καὶ τοῦ κράτους. Τὰ ταμεῖα αὐτὰ πρέπει νὰ ἐλέγχονται ἀπ' τοὺς ἐργάτες καὶ νὰ ἐξυπηρετοῦν τὰ συμφέροντά τους.

ΤΟ ΖΗΤΗΜΑ ΤΩΝ ΣΙΔΗΡΟΥΡΓΩΝ

Πληροφορούμαστε, ὅτι κατὰ τὴν τελευταία συνεδρίαση τοῦ Διοικητικοῦ Συμβουλίου τοῦ Σωματείου Σιδηρουργῶν συζητήθηκε τὸ ζήτημα τῶν ἀπολύσεων καὶ τῆς ἀνεργίας. Ἀποφασίστηκε νὰ γίνει διάβημα στὸ Ὑπουργεῖο τῆς Ἐθνικῆς Οἰκονομίας γιὰ τὴν ἐξασφάλιση ἐργασίας στοὺς ἀνέργους. Ἐπίσης ἀποφασίστηκε ἡ σύγκληση γενικῆς συνέλευσης τὴ Δευτέρα, 8 Ἰουνίου, στὰ γραφεῖα τοῦ Σωματείου, ὥρα 7 μ.μ.

Η ΕΠΙΦΥΛΛΙΔΑ ΜΑΣ
ΑΝΑΜΝΗΣΕΙΣ ΓΙΑ ΤΟ ΛΕΝΙΝ
ΤΗΣ Ν. ΚΡΟΥΠΣΚΑΓΙΑ
(Συνέχεια ἀπ' τὸ χτεσινὸ)

«Ὅταν περάσαμε ἀπ' τὸ Βερολίνο, σταματήσαμε γιὰ λίγες μέρες. Ὁ Ἰλίτς εἶχε ἀρκετὲς δουλειὲς ἐκεῖ. Πηγαίναμε στὰ θέατρα καὶ στὰ μουσεῖα. Πῆγα μαζὶ του στὴ βιβλιοθήκη ὅπου δούλευε μὲ πάθος. Ἔπειτα πήγαμε στὸ Μόναχο, ὅπου θὰ ἔβγαινε ἡ «Ἴσκρα».

«Στὸ Μόναχο βρήκαμε τὸν Μάρτοφ καὶ τὸν Ποτρέσοφ. Τὸ κέντρο τῆς ἐφημερίδας ἦταν ἐκεῖ. Ὁ Ἰλίτς ζοῦσε μὲ ψεύτικο διαβατήριο καὶ δὲν μποροῦσε νὰ δηλωθεῖ στὴν ἀστυνομία. Ἔμενε σὲ δωμάτια καὶ ἀπ' ἐκεῖ δούλευε ὅλη τὴ μέρα. Πηγαίναμε περιπάτους στὰ περίχωρα τῆς πόλης.

«Ἐκεῖνο τὸν καιρὸ ὁ Ἰλίτς ἔγραφε τὸ «Τί νὰ κάνουμε;». Σκεφτόταν πολὺ καὶ περπατοῦσε στὸ δωμάτιο ἀπὸ τὴ μιὰ ἄκρη στὴν ἄλλη. Ὕστερα καθόταν καὶ ἔγραφε γρήγορα. Ἀγαποῦσε νὰ διαβάζει δυνατὰ ὅ,τι ἔγραφε.

«Ἡ δουλειὰ γιὰ τὴν «Ἴσκρα» ἦταν πολὺ κουραστική. Ἔπρεπε νὰ διαβάζουμε ὅλα τὰ γράμματα ποὺ ἔρχονταν ἀπ' τὴ Ρωσία, νὰ τὰ ἀποκρυπτογραφοῦμε καὶ νὰ ἀπαντοῦμε. Ὁ Ἰλίτς ἤθελε νὰ ξέρει τὰ πάντα γιὰ τὴ δουλειὰ τῶν συντρόφων στὴ Ρωσία.

«Ἡ ἀλληλογραφία μὲ τὴ Ρωσία γινόταν μὲ χημικὸ μελάνι. Οἱ σύντροφοι ἔγραφαν ἀνάμεσα στὶς γραμμὲς βιβλίων καὶ ἐφημερίδων. Ἦταν μιὰ δουλειὰ ποὺ ἀπαιτοῦσε μεγάλη ὑπομονή. Ὅταν ἔφτανε γράμμα ἀπ' τὴ Ρωσία, ὁ Ἰλίτς ἦταν πάντα χαρούμενος.

«Ἡ Ἴσκρα ἔφτανε στὴ Ρωσία μὲ διάφορους τρόπους. Τὴ μετέφεραν μὲ διπλοπάτωτες βαλίτσες, μέσα σὲ βιβλία, ἢ τὴν ἔστελναν μέσω τῶν συνόρων. Οἱ ἀστυνομικοὶ ἔψαχναν παντοῦ, ἀλλὰ ἡ ἐφημερίδα πάντα ἔφτανε στοὺς ἐργάτες.

«Ὅταν ὁ Ἰλίτς ἔμαθε ὅτι ἡ «Ἴσκρα» διαβαζόταν στὰ ἐργοστάσια, χάρηκε πολύ. Ἔλεγε πὼς αὐτὸ ἦταν τὸ πιὸ σπουδαῖο. Ἡ ἐφημερίδα ἔπρεπε νὰ γίνει ὁ ὀργανωτὴς τοῦ κόμματος.

«Στὸ Μόναχο ζήσαμε ἕνα χρόνο. Ὕστερα ἡ ἔκδοση τῆς ἐφημερίδας μεταφέρθηκε στὸ Λονδίνο. Ὁ Ἰλίτς δὲν ἤθελε νὰ πάει στὸ Λονδίνο, ἀλλὰ ἔπρεπε. Ἐκεῖ ζούσαμε σὲ δυὸ μικρὰ δωμάτια. Ὁ Ἰλίτς πήγαινε κάθε μέρα στὴ βιβλιοθήκη τοῦ Βρετανικοῦ Μουσείου.

«Στὸ Λονδίνο ὁ Ἰλίτς γνώρισε τὴ ζωὴ τῶν Ἄγγλων ἐργατῶν. Πήγαινε στὶς συγκεντρώσεις τους, στὰ κλὰμπ, στὶς ἐκκλησίες ὅπου μιλοῦσαν οἱ σοσιαλιστές. Ἤθελε νὰ καταλάβει τὴν ψυχολογία τους.

«Ὅταν ἤρθαμε στὸ Λονδίνο, οἱ σύντροφοι ἀπ' τὴ Ρωσία ἄρχισαν νὰ ἔρχονται πιὸ συχνά. Ἐρχόταν ὁ Μπάουμαν, ὁ Μπάμπουσκιν καὶ ἄλλοι. Συζητούσαμε ὧρες ὁλόκληρες γιὰ τὴ δουλειὰ στὴ Ρωσία.»

(*) Τὸ Μπάουμαν ἦταν μιὰ ἀπὸ τὶς κεντρικὲς μορφὲς τῆς ὀργάνωσης τῆς «Ἴσκρα». (**) Τὸ ψευδώνυμο τοῦ Μάρτοφ στὴ ζωή τῆς παρανομίας.

(Αὔριο τὸ τέλος)
